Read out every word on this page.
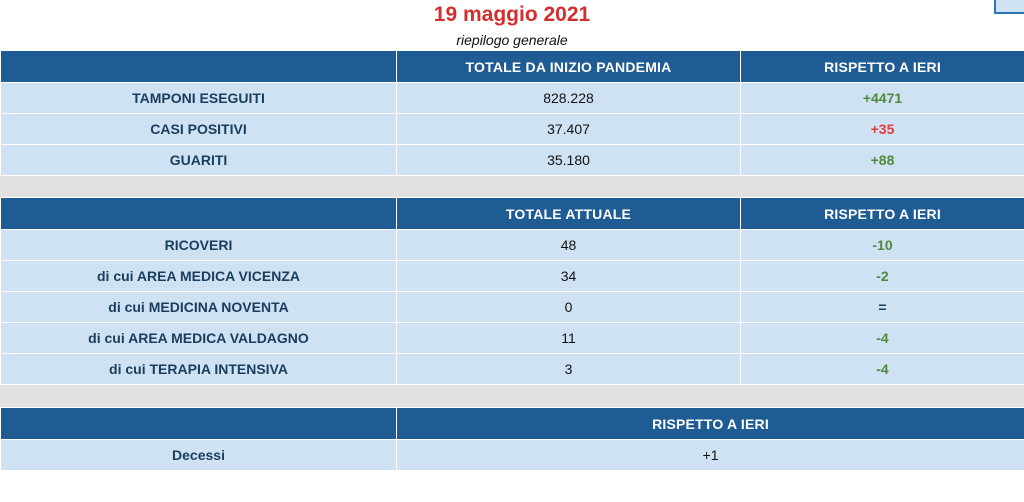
19 maggio 2021

riepilogo generale

	TOTALE DA INIZIO PANDEMIA	RISPETTO A IERI
TAMPONI ESEGUITI	828.228	+4471
CASI POSITIVI	37.407	+35
GUARITI	35.180	+88
	TOTALE ATTUALE	RISPETTO A IERI
RICOVERI	48	-10
di cui AREA MEDICA VICENZA	34	-2
di cui MEDICINA NOVENTA	0	=
di cui AREA MEDICA VALDAGNO	11	-4
di cui TERAPIA INTENSIVA	3	-4
	RISPETTO A IERI
Decessi	+1
